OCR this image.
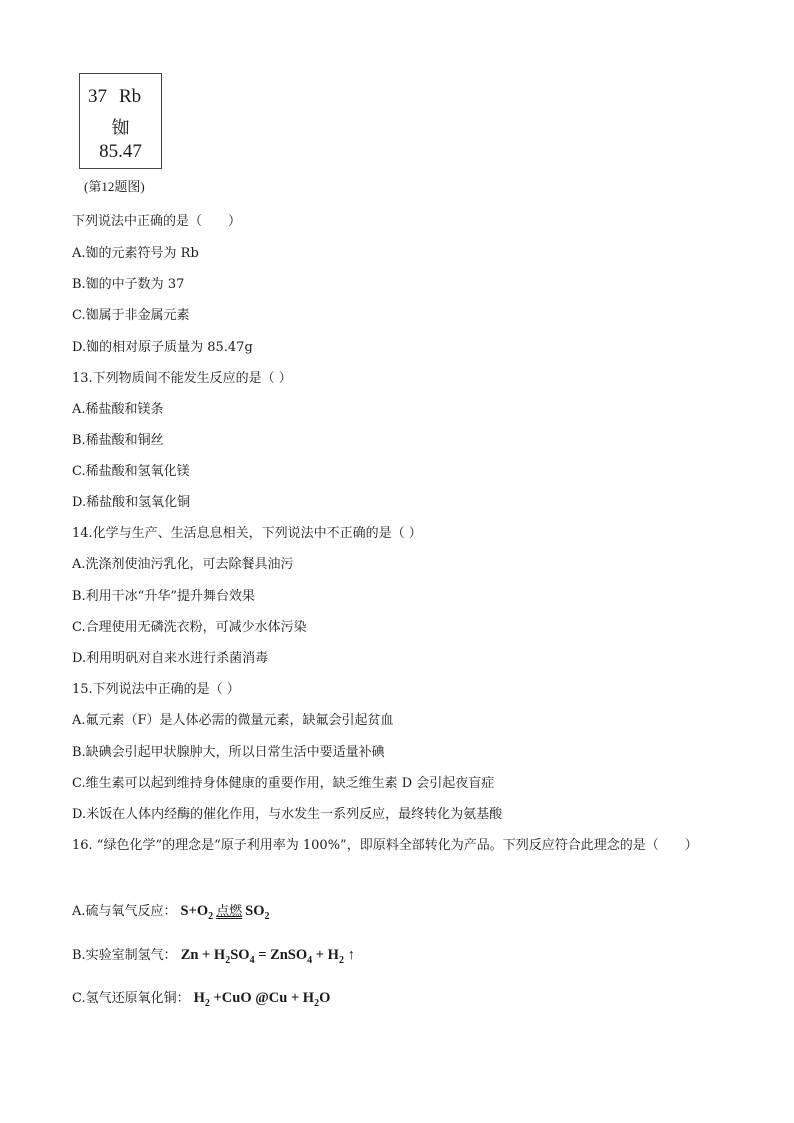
37 Rb
铷
85.47
(第12题图)
下列说法中正确的是（　　）
A.铷的元素符号为 Rb
B.铷的中子数为 37
C.铷属于非金属元素
D.铷的相对原子质量为 85.47g
13.下列物质间不能发生反应的是（ ）
A.稀盐酸和镁条
B.稀盐酸和铜丝
C.稀盐酸和氢氧化镁
D.稀盐酸和氢氧化铜
14.化学与生产、生活息息相关，下列说法中不正确的是（ ）
A.洗涤剂使油污乳化，可去除餐具油污
B.利用干冰“升华”提升舞台效果
C.合理使用无磷洗衣粉，可减少水体污染
D.利用明矾对自来水进行杀菌消毒
15.下列说法中正确的是（ ）
A.氟元素（F）是人体必需的微量元素，缺氟会引起贫血
B.缺碘会引起甲状腺肿大，所以日常生活中要适量补碘
C.维生素可以起到维持身体健康的重要作用，缺乏维生素 D 会引起夜盲症
D.米饭在人体内经酶的催化作用，与水发生一系列反应，最终转化为氨基酸
16. “绿色化学”的理念是“原子利用率为 100%”，即原料全部转化为产品。下列反应符合此理念的是（　　）
A.硫与氧气反应： $S+O_2$ 点燃 $SO_2$
B.实验室制氢气： $Zn + H_2SO_4$ = ZnSO$_4$ + $H_2$ ↑
C.氢气还原氧化铜： $H_2 +CuO$ @Cu + $H_2O$
